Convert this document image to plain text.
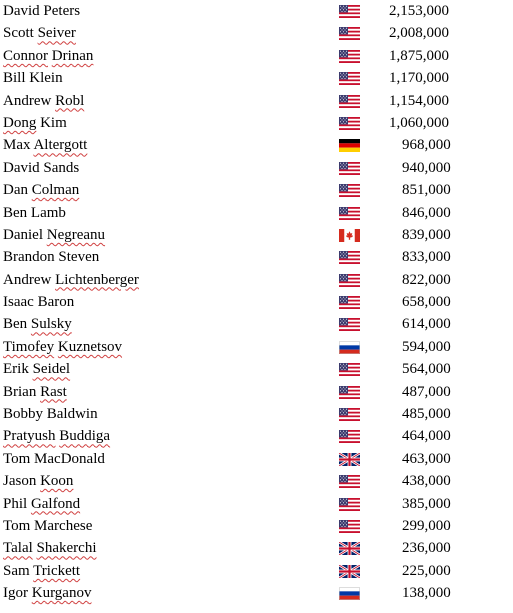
David Peters	2,153,000
Scott Seiver	2,008,000
Connor Drinan	1,875,000
Bill Klein	1,170,000
Andrew Robl	1,154,000
Dong Kim	1,060,000
Max Altergott	968,000
David Sands	940,000
Dan Colman	851,000
Ben Lamb	846,000
Daniel Negreanu	839,000
Brandon Steven	833,000
Andrew Lichtenberger	822,000
Isaac Baron	658,000
Ben Sulsky	614,000
Timofey Kuznetsov	594,000
Erik Seidel	564,000
Brian Rast	487,000
Bobby Baldwin	485,000
Pratyush Buddiga	464,000
Tom MacDonald	463,000
Jason Koon	438,000
Phil Galfond	385,000
Tom Marchese	299,000
Talal Shakerchi	236,000
Sam Trickett	225,000
Igor Kurganov	138,000
